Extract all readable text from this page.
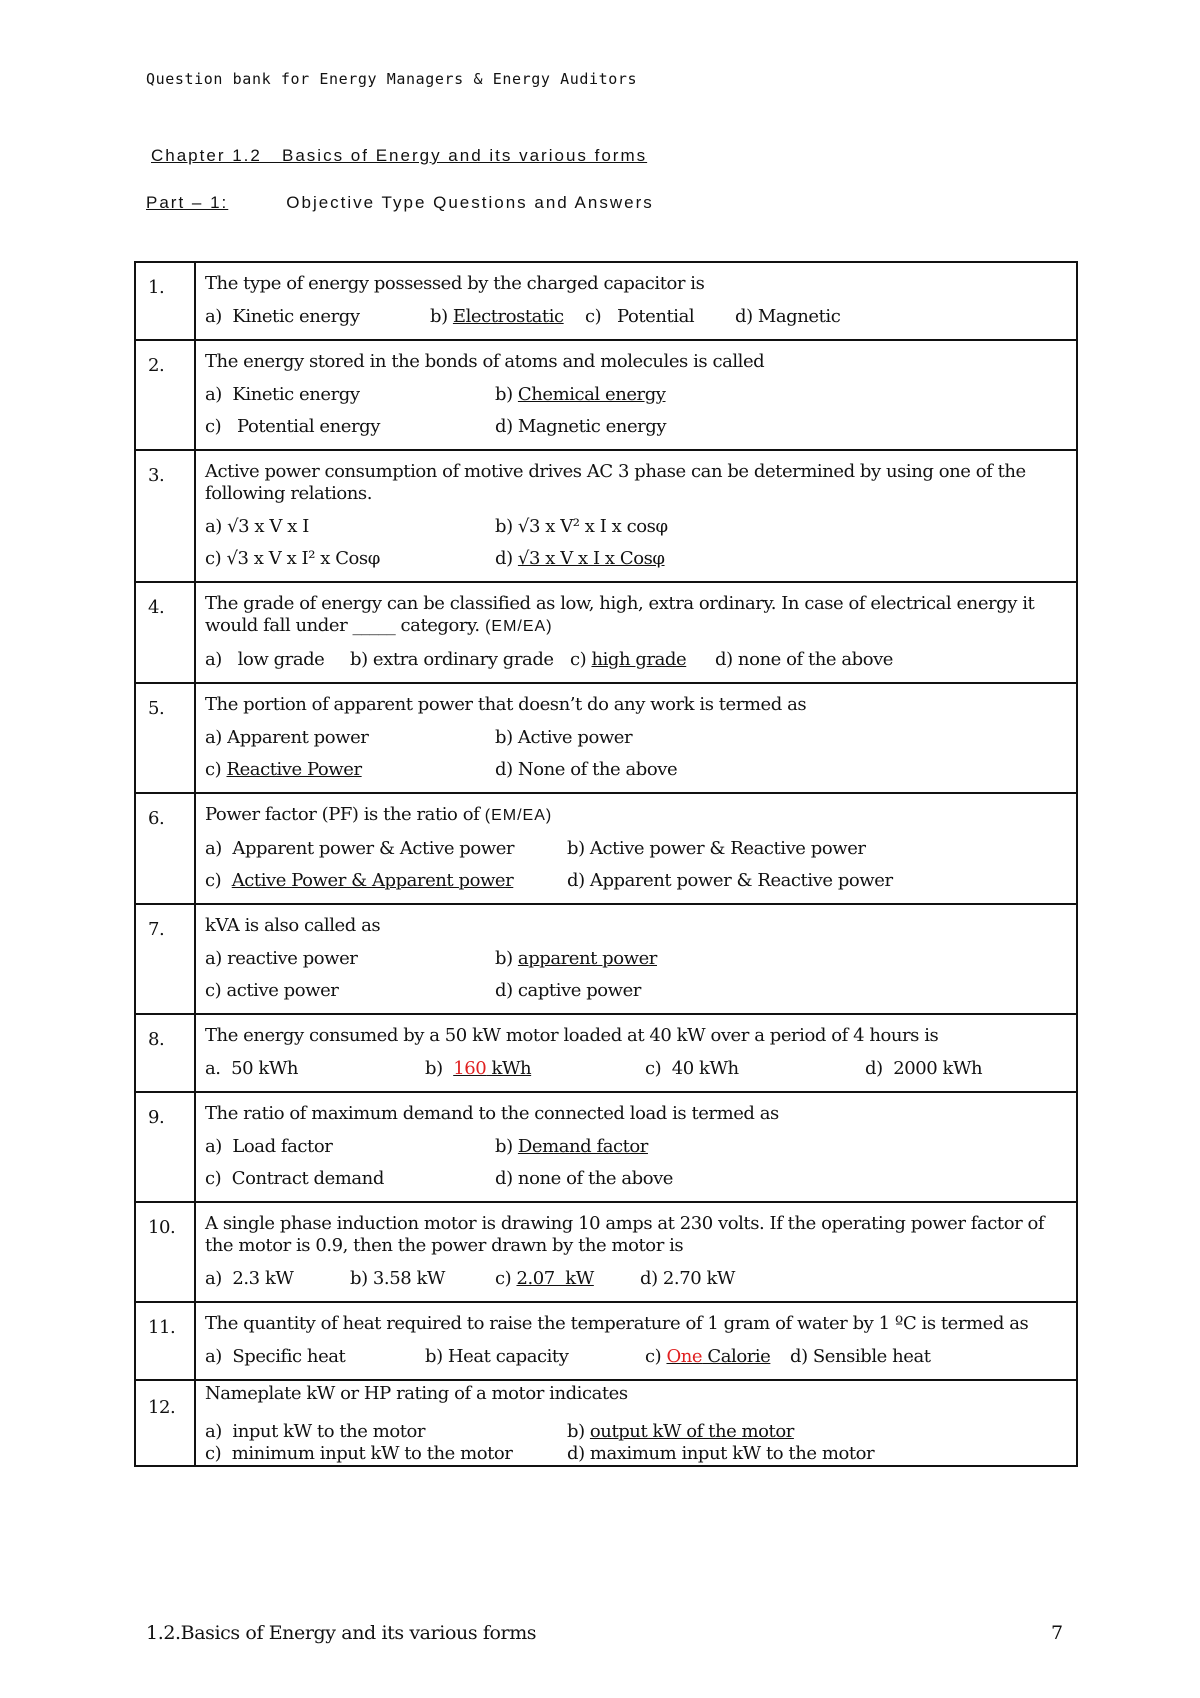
Question bank for Energy Managers & Energy Auditors
Chapter 1.2   Basics of Energy and its various forms
Part – 1:	Objective Type Questions and Answers
1.	The type of energy possessed by the charged capacitor is
a)  Kinetic energy b) Electrostatic c)   Potential d) Magnetic

2.	The energy stored in the bonds of atoms and molecules is called
a)  Kinetic energy b) Chemical energy
c)   Potential energy d) Magnetic energy

3.	Active power consumption of motive drives AC 3 phase can be determined by using one of the following relations.
a) √3 x V x I b) √3 x V² x I x cosφ
c) √3 x V x I² x Cosφ d) √3 x V x I x Cosφ

4.	The grade of energy can be classified as low, high, extra ordinary. In case of electrical energy it would fall under _____ category. (EM/EA)
a)   low grade b) extra ordinary grade c) high grade d) none of the above

5.	The portion of apparent power that doesn’t do any work is termed as
a) Apparent power b) Active power
c) Reactive Power d) None of the above

6.	Power factor (PF) is the ratio of (EM/EA)
a)  Apparent power & Active power b) Active power & Reactive power
c)  Active Power & Apparent power d) Apparent power & Reactive power

7.	kVA is also called as
a) reactive power b) apparent power
c) active power d) captive power

8.	The energy consumed by a 50 kW motor loaded at 40 kW over a period of 4 hours is
a.  50 kWh b)  160 kWh c)  40 kWh d)  2000 kWh

9.	The ratio of maximum demand to the connected load is termed as
a)  Load factor b) Demand factor
c)  Contract demand d) none of the above

10.	A single phase induction motor is drawing 10 amps at 230 volts. If the operating power factor of the motor is 0.9, then the power drawn by the motor is
a)  2.3 kW b) 3.58 kW c) 2.07  kW d) 2.70 kW

11.	The quantity of heat required to raise the temperature of 1 gram of water by 1 ºC is termed as
a)  Specific heat b) Heat capacity c) One Calorie d) Sensible heat

12.	Nameplate kW or HP rating of a motor indicates
a)  input kW to the motor b) output kW of the motor
c)  minimum input kW to the motor d) maximum input kW to the motor
1.2.Basics of Energy and its various forms	7
